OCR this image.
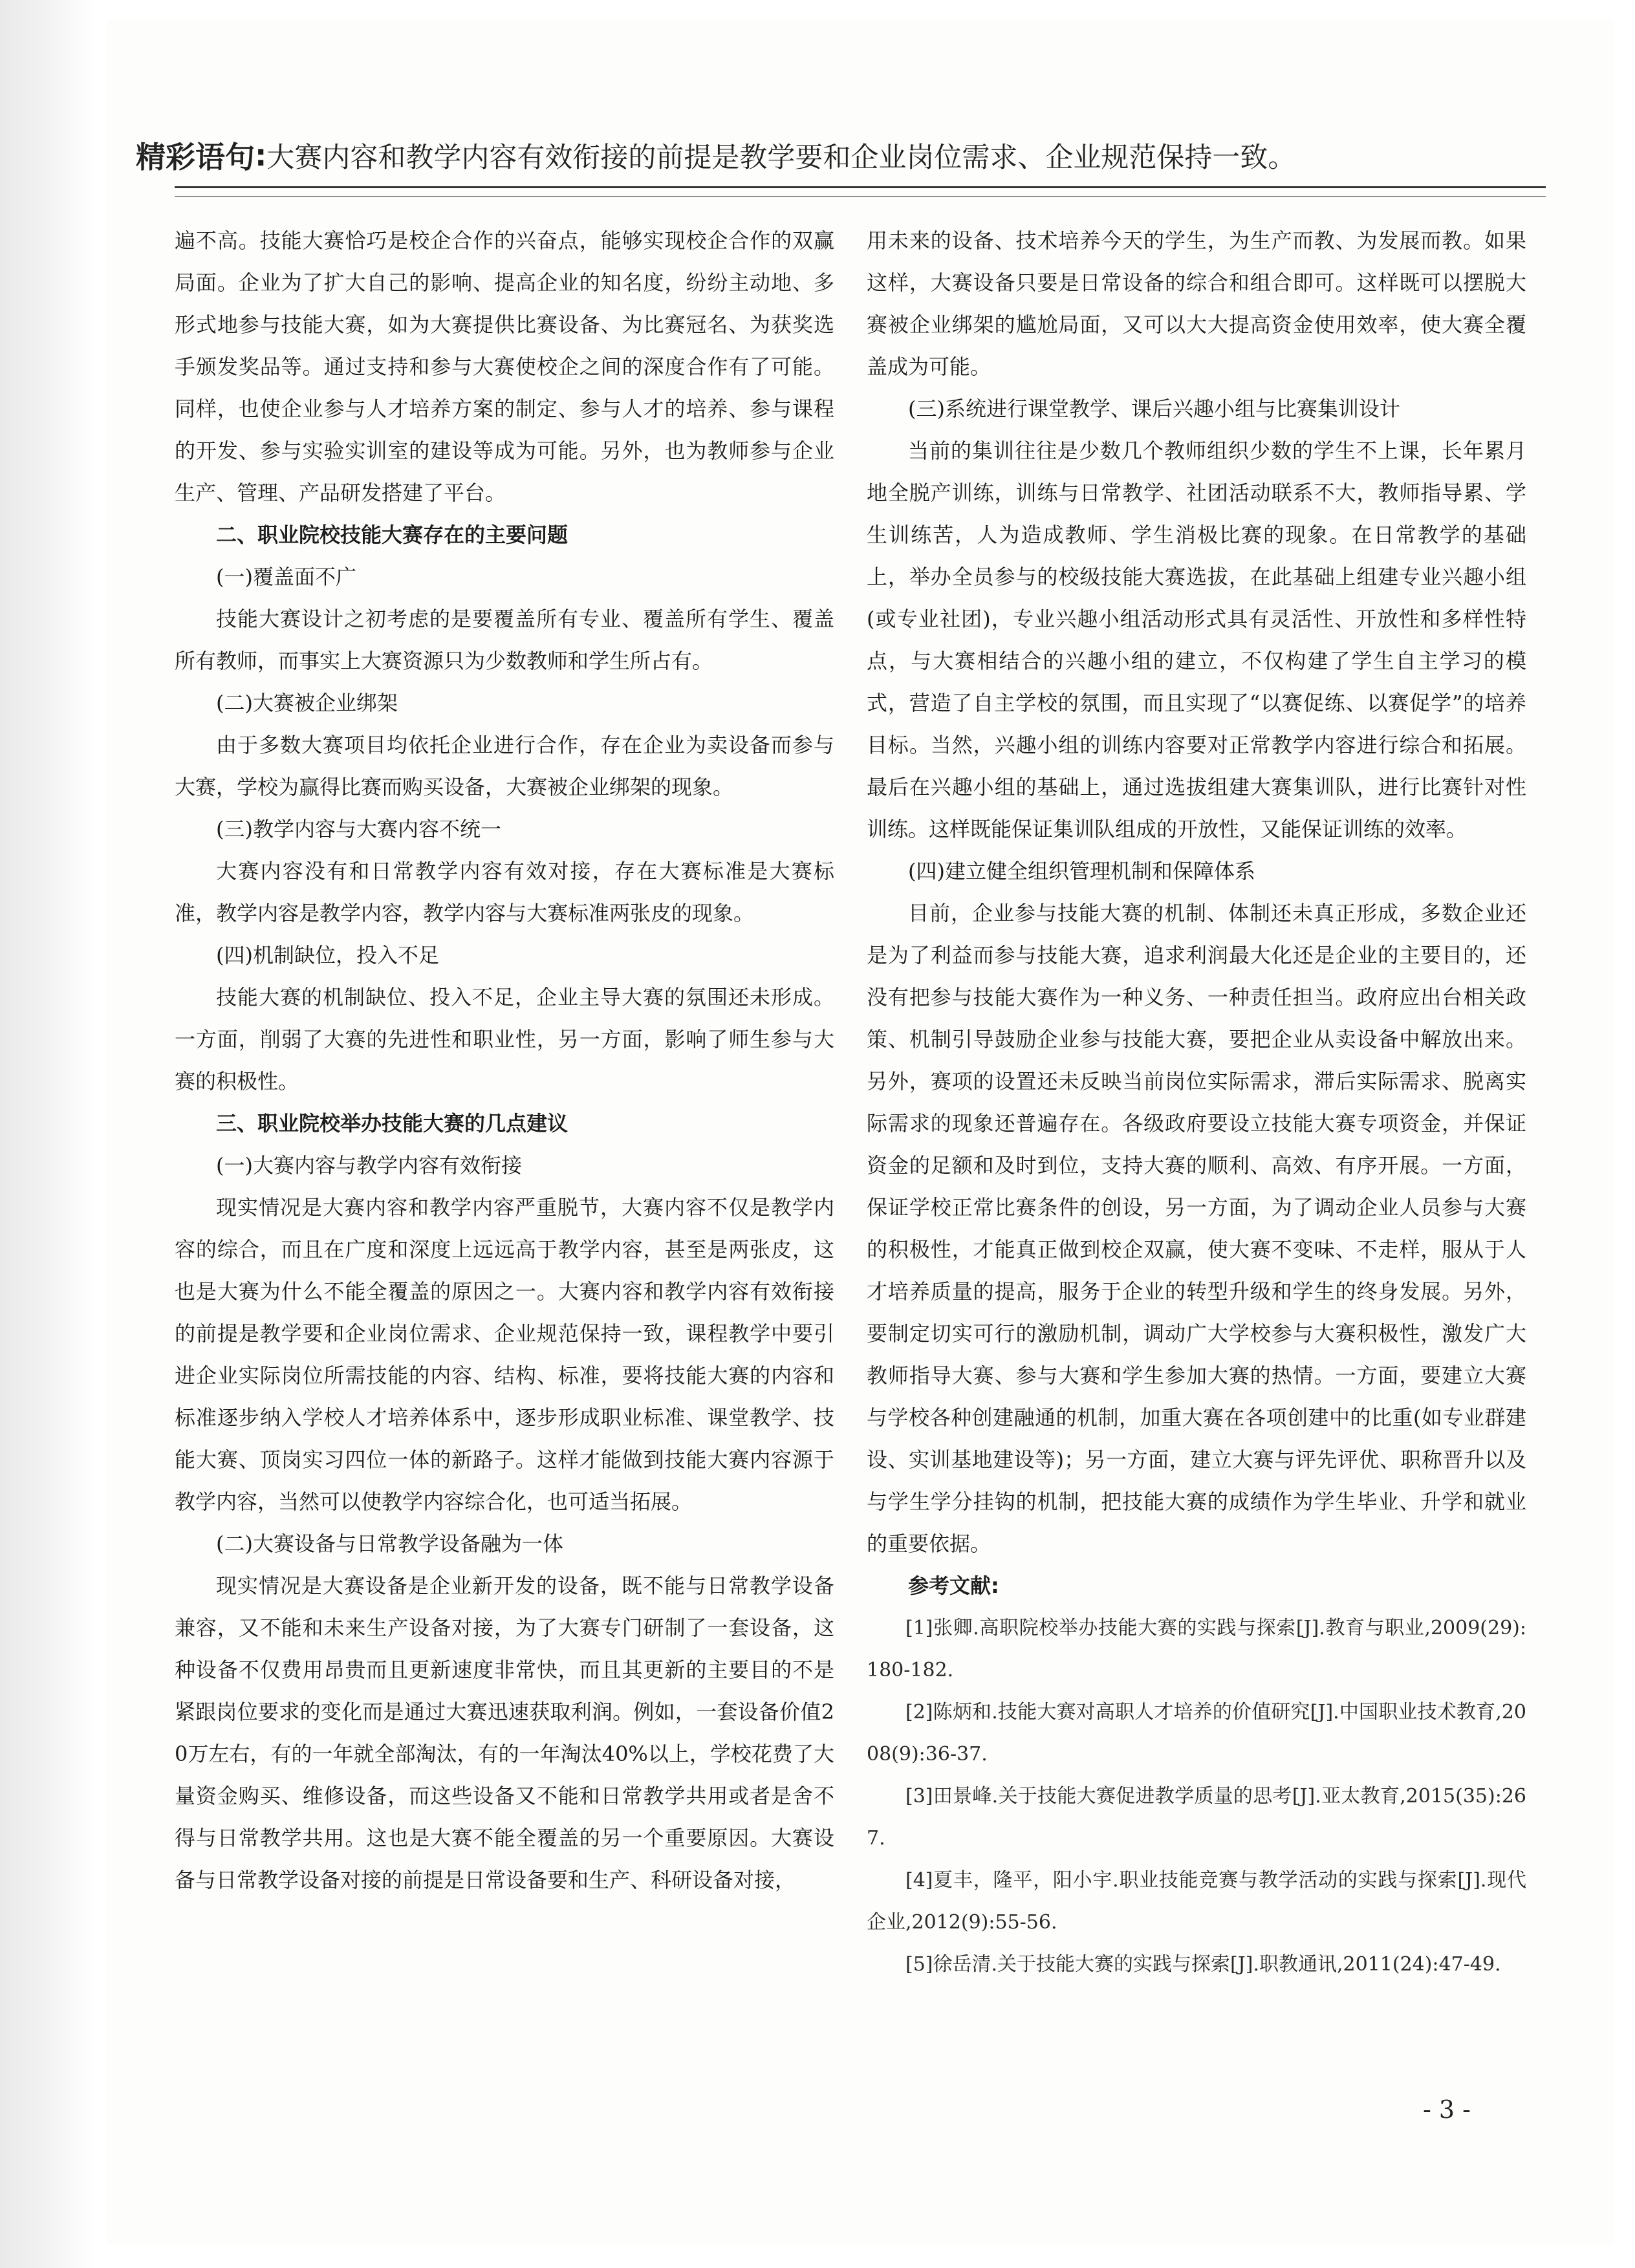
精彩语句 : 大赛内容和教学内容有效衔接的前提是教学要和企业岗位需求、企业规范保持一致。

遍不高。技能大赛恰巧是校企合作的兴奋点，能够实现校企合作的双赢局面。企业为了扩大自己的影响、提高企业的知名度，纷纷主动地、多形式地参与技能大赛，如为大赛提供比赛设备、为比赛冠名、为获奖选手颁发奖品等。通过支持和参与大赛使校企之间的深度合作有了可能。同样，也使企业参与人才培养方案的制定、参与人才的培养、参与课程的开发、参与实验实训室的建设等成为可能。另外，也为教师参与企业生产、管理、产品研发搭建了平台。

二、职业院校技能大赛存在的主要问题

(一)覆盖面不广

技能大赛设计之初考虑的是要覆盖所有专业、覆盖所有学生、覆盖所有教师，而事实上大赛资源只为少数教师和学生所占有。

(二)大赛被企业绑架

由于多数大赛项目均依托企业进行合作，存在企业为卖设备而参与大赛，学校为赢得比赛而购买设备，大赛被企业绑架的现象。

(三)教学内容与大赛内容不统一

大赛内容没有和日常教学内容有效对接，存在大赛标准是大赛标准，教学内容是教学内容，教学内容与大赛标准两张皮的现象。

(四)机制缺位，投入不足

技能大赛的机制缺位、投入不足，企业主导大赛的氛围还未形成。一方面，削弱了大赛的先进性和职业性，另一方面，影响了师生参与大赛的积极性。

三、职业院校举办技能大赛的几点建议

(一)大赛内容与教学内容有效衔接

现实情况是大赛内容和教学内容严重脱节，大赛内容不仅是教学内容的综合，而且在广度和深度上远远高于教学内容，甚至是两张皮，这也是大赛为什么不能全覆盖的原因之一。大赛内容和教学内容有效衔接的前提是教学要和企业岗位需求、企业规范保持一致，课程教学中要引进企业实际岗位所需技能的内容、结构、标准，要将技能大赛的内容和标准逐步纳入学校人才培养体系中，逐步形成职业标准、课堂教学、技能大赛、顶岗实习四位一体的新路子。这样才能做到技能大赛内容源于教学内容，当然可以使教学内容综合化，也可适当拓展。

(二)大赛设备与日常教学设备融为一体

现实情况是大赛设备是企业新开发的设备，既不能与日常教学设备兼容，又不能和未来生产设备对接，为了大赛专门研制了一套设备，这种设备不仅费用昂贵而且更新速度非常快，而且其更新的主要目的不是紧跟岗位要求的变化而是通过大赛迅速获取利润。例如，一套设备价值20万左右，有的一年就全部淘汰，有的一年淘汰40%以上，学校花费了大量资金购买、维修设备，而这些设备又不能和日常教学共用或者是舍不得与日常教学共用。这也是大赛不能全覆盖的另一个重要原因。大赛设备与日常教学设备对接的前提是日常设备要和生产、科研设备对接，

用未来的设备、技术培养今天的学生，为生产而教、为发展而教。如果这样，大赛设备只要是日常设备的综合和组合即可。这样既可以摆脱大赛被企业绑架的尴尬局面，又可以大大提高资金使用效率，使大赛全覆盖成为可能。

(三)系统进行课堂教学、课后兴趣小组与比赛集训设计

当前的集训往往是少数几个教师组织少数的学生不上课，长年累月地全脱产训练，训练与日常教学、社团活动联系不大，教师指导累、学生训练苦，人为造成教师、学生消极比赛的现象。在日常教学的基础上，举办全员参与的校级技能大赛选拔，在此基础上组建专业兴趣小组(或专业社团)，专业兴趣小组活动形式具有灵活性、开放性和多样性特点，与大赛相结合的兴趣小组的建立，不仅构建了学生自主学习的模式，营造了自主学校的氛围，而且实现了“以赛促练、以赛促学”的培养目标。当然，兴趣小组的训练内容要对正常教学内容进行综合和拓展。最后在兴趣小组的基础上，通过选拔组建大赛集训队，进行比赛针对性训练。这样既能保证集训队组成的开放性，又能保证训练的效率。

(四)建立健全组织管理机制和保障体系

目前，企业参与技能大赛的机制、体制还未真正形成，多数企业还是为了利益而参与技能大赛，追求利润最大化还是企业的主要目的，还没有把参与技能大赛作为一种义务、一种责任担当。政府应出台相关政策、机制引导鼓励企业参与技能大赛，要把企业从卖设备中解放出来。另外，赛项的设置还未反映当前岗位实际需求，滞后实际需求、脱离实际需求的现象还普遍存在。各级政府要设立技能大赛专项资金，并保证资金的足额和及时到位，支持大赛的顺利、高效、有序开展。一方面，保证学校正常比赛条件的创设，另一方面，为了调动企业人员参与大赛的积极性，才能真正做到校企双赢，使大赛不变味、不走样，服从于人才培养质量的提高，服务于企业的转型升级和学生的终身发展。另外，要制定切实可行的激励机制，调动广大学校参与大赛积极性，激发广大教师指导大赛、参与大赛和学生参加大赛的热情。一方面，要建立大赛与学校各种创建融通的机制，加重大赛在各项创建中的比重(如专业群建设、实训基地建设等)；另一方面，建立大赛与评先评优、职称晋升以及与学生学分挂钩的机制，把技能大赛的成绩作为学生毕业、升学和就业的重要依据。

参考文献:

[1]张卿.高职院校举办技能大赛的实践与探索[J].教育与职业,2009(29):180-182.

[2]陈炳和.技能大赛对高职人才培养的价值研究[J].中国职业技术教育,2008(9):36-37.

[3]田景峰.关于技能大赛促进教学质量的思考[J].亚太教育,2015(35):267.

[4]夏丰，隆平，阳小宇.职业技能竞赛与教学活动的实践与探索[J].现代企业,2012(9):55-56.

[5]徐岳清.关于技能大赛的实践与探索[J].职教通讯,2011(24):47-49.

- 3 -
